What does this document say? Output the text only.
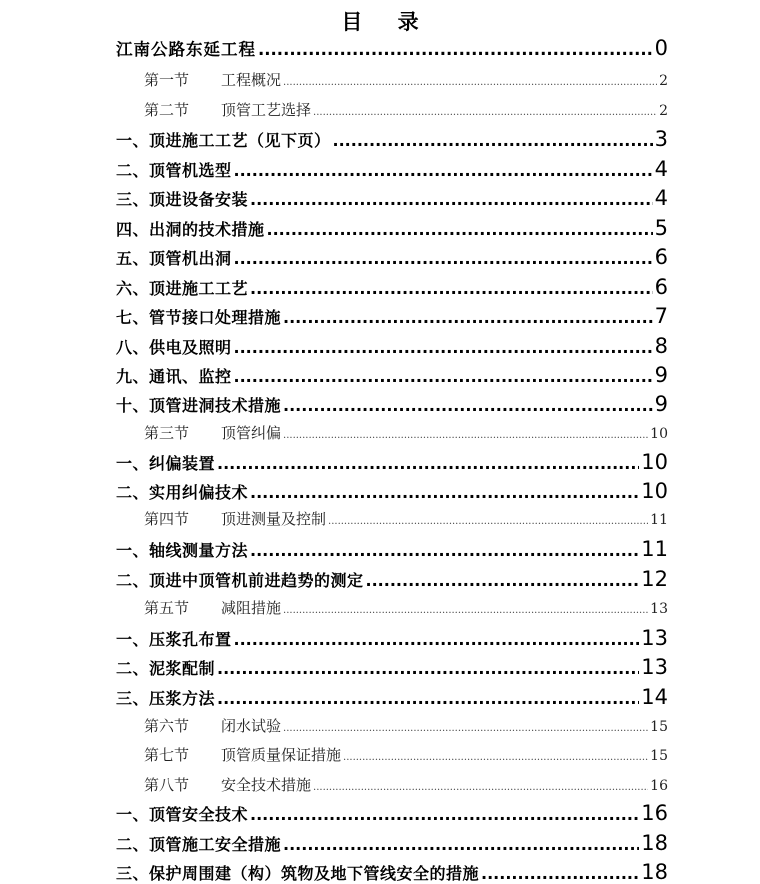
目 录
江南公路东延工程 .....	0
第一节 工程概况 .....	2
第二节 顶管工艺选择 .....	2
一、顶进施工工艺（见下页） .....	3
二、顶管机选型 .....	4
三、顶进设备安装 .....	4
四、出洞的技术措施 .....	5
五、顶管机出洞 .....	6
六、顶进施工工艺 .....	6
七、管节接口处理措施 .....	7
八、供电及照明 .....	8
九、通讯、监控 .....	9
十、顶管进洞技术措施 .....	9
第三节 顶管纠偏 .....	10
一、纠偏装置 .....	10
二、实用纠偏技术 .....	10
第四节 顶进测量及控制 .....	11
一、轴线测量方法 .....	11
二、顶进中顶管机前进趋势的测定 .....	12
第五节 减阻措施 .....	13
一、压浆孔布置 .....	13
二、泥浆配制 .....	13
三、压浆方法 .....	14
第六节 闭水试验 .....	15
第七节 顶管质量保证措施 .....	15
第八节 安全技术措施 .....	16
一、顶管安全技术 .....	16
二、顶管施工安全措施 .....	18
三、保护周围建（构）筑物及地下管线安全的措施 .....	18
